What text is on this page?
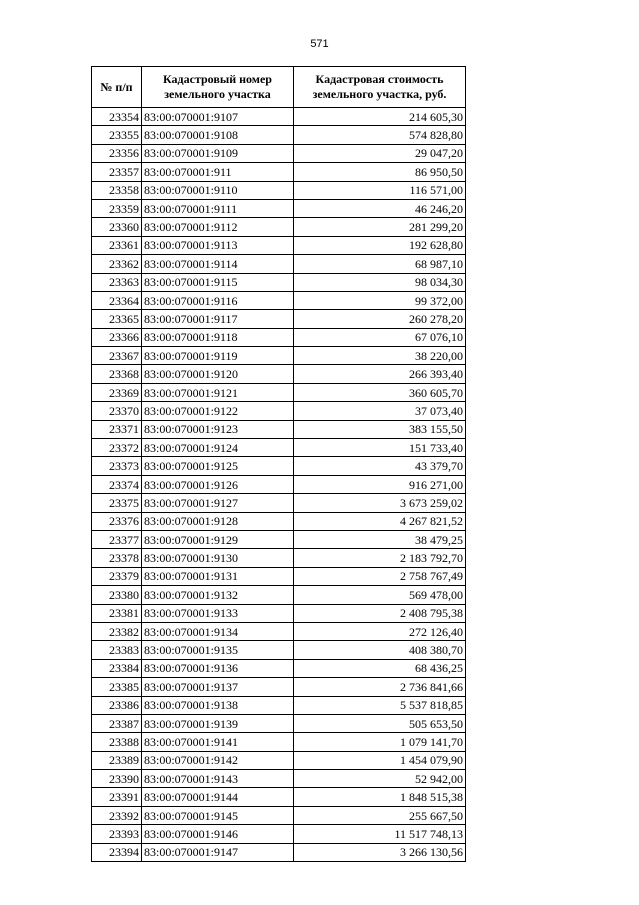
571
№ п/п	Кадастровый номер земельного участка	Кадастровая стоимость земельного участка, руб.
23354	83:00:070001:9107	214 605,30
23355	83:00:070001:9108	574 828,80
23356	83:00:070001:9109	29 047,20
23357	83:00:070001:911	86 950,50
23358	83:00:070001:9110	116 571,00
23359	83:00:070001:9111	46 246,20
23360	83:00:070001:9112	281 299,20
23361	83:00:070001:9113	192 628,80
23362	83:00:070001:9114	68 987,10
23363	83:00:070001:9115	98 034,30
23364	83:00:070001:9116	99 372,00
23365	83:00:070001:9117	260 278,20
23366	83:00:070001:9118	67 076,10
23367	83:00:070001:9119	38 220,00
23368	83:00:070001:9120	266 393,40
23369	83:00:070001:9121	360 605,70
23370	83:00:070001:9122	37 073,40
23371	83:00:070001:9123	383 155,50
23372	83:00:070001:9124	151 733,40
23373	83:00:070001:9125	43 379,70
23374	83:00:070001:9126	916 271,00
23375	83:00:070001:9127	3 673 259,02
23376	83:00:070001:9128	4 267 821,52
23377	83:00:070001:9129	38 479,25
23378	83:00:070001:9130	2 183 792,70
23379	83:00:070001:9131	2 758 767,49
23380	83:00:070001:9132	569 478,00
23381	83:00:070001:9133	2 408 795,38
23382	83:00:070001:9134	272 126,40
23383	83:00:070001:9135	408 380,70
23384	83:00:070001:9136	68 436,25
23385	83:00:070001:9137	2 736 841,66
23386	83:00:070001:9138	5 537 818,85
23387	83:00:070001:9139	505 653,50
23388	83:00:070001:9141	1 079 141,70
23389	83:00:070001:9142	1 454 079,90
23390	83:00:070001:9143	52 942,00
23391	83:00:070001:9144	1 848 515,38
23392	83:00:070001:9145	255 667,50
23393	83:00:070001:9146	11 517 748,13
23394	83:00:070001:9147	3 266 130,56
